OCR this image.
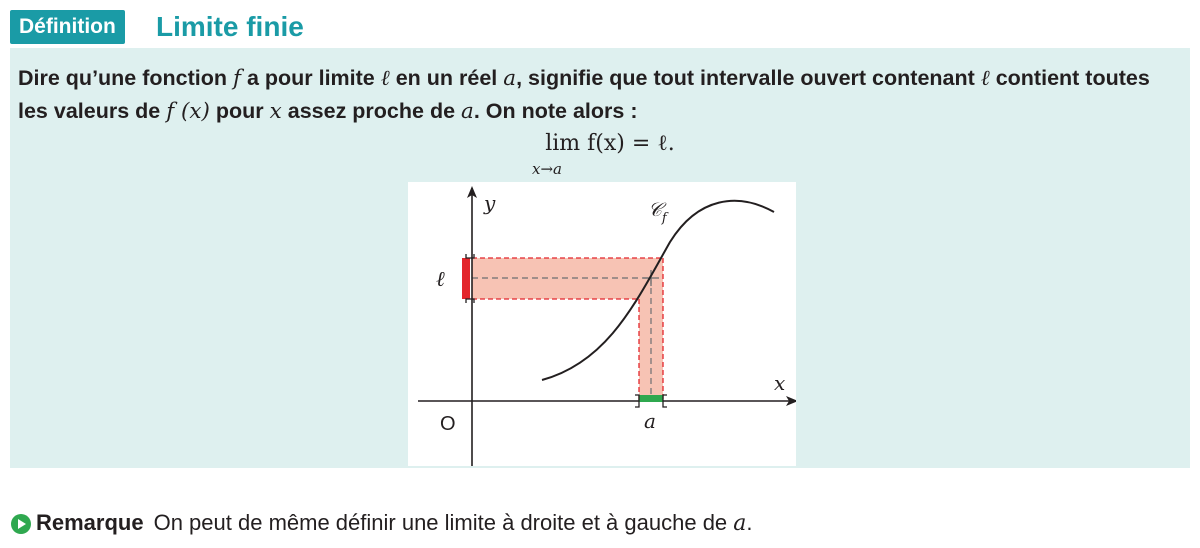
Définition	Limite finie
Dire qu’une fonction f a pour limite ℓ en un réel a, signifie que tout intervalle ouvert contenant ℓ contient toutes les valeurs de f (x) pour x assez proche de a. On note alors :
lim f(x) = ℓ.
x→a
y
x
O
ℓ
a
𝒞$_f$
Remarque On peut de même définir une limite à droite et à gauche de a.
